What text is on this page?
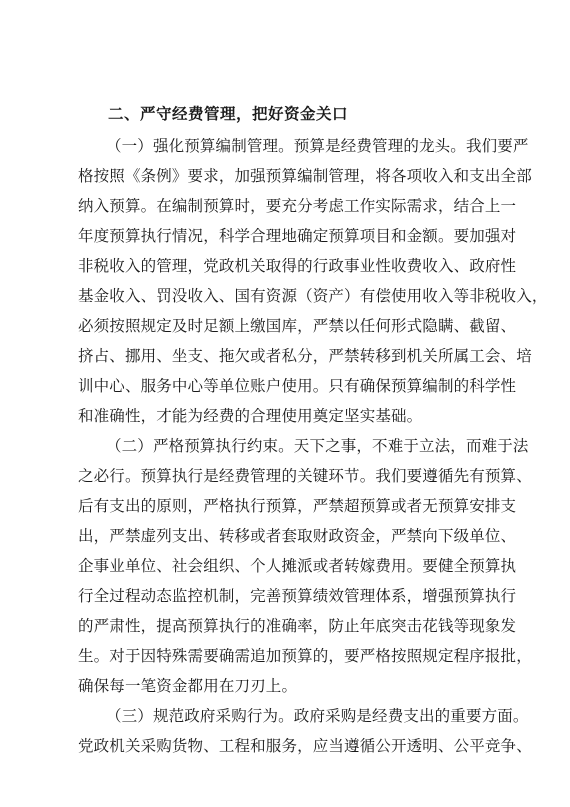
二、严守经费管理，把好资金关口
（一）强化预算编制管理。预算是经费管理的龙头。我们要严
格按照《条例》要求，加强预算编制管理，将各项收入和支出全部
纳入预算。在编制预算时，要充分考虑工作实际需求，结合上一
年度预算执行情况，科学合理地确定预算项目和金额。要加强对
非税收入的管理，党政机关取得的行政事业性收费收入、政府性
基金收入、罚没收入、国有资源（资产）有偿使用收入等非税收入，
必须按照规定及时足额上缴国库，严禁以任何形式隐瞒、截留、
挤占、挪用、坐支、拖欠或者私分，严禁转移到机关所属工会、培
训中心、服务中心等单位账户使用。只有确保预算编制的科学性
和准确性，才能为经费的合理使用奠定坚实基础。
（二）严格预算执行约束。天下之事，不难于立法，而难于法
之必行。预算执行是经费管理的关键环节。我们要遵循先有预算、
后有支出的原则，严格执行预算，严禁超预算或者无预算安排支
出，严禁虚列支出、转移或者套取财政资金，严禁向下级单位、
企事业单位、社会组织、个人摊派或者转嫁费用。要健全预算执
行全过程动态监控机制，完善预算绩效管理体系，增强预算执行
的严肃性，提高预算执行的准确率，防止年底突击花钱等现象发
生。对于因特殊需要确需追加预算的，要严格按照规定程序报批，
确保每一笔资金都用在刀刃上。
（三）规范政府采购行为。政府采购是经费支出的重要方面。
党政机关采购货物、工程和服务，应当遵循公开透明、公平竞争、
